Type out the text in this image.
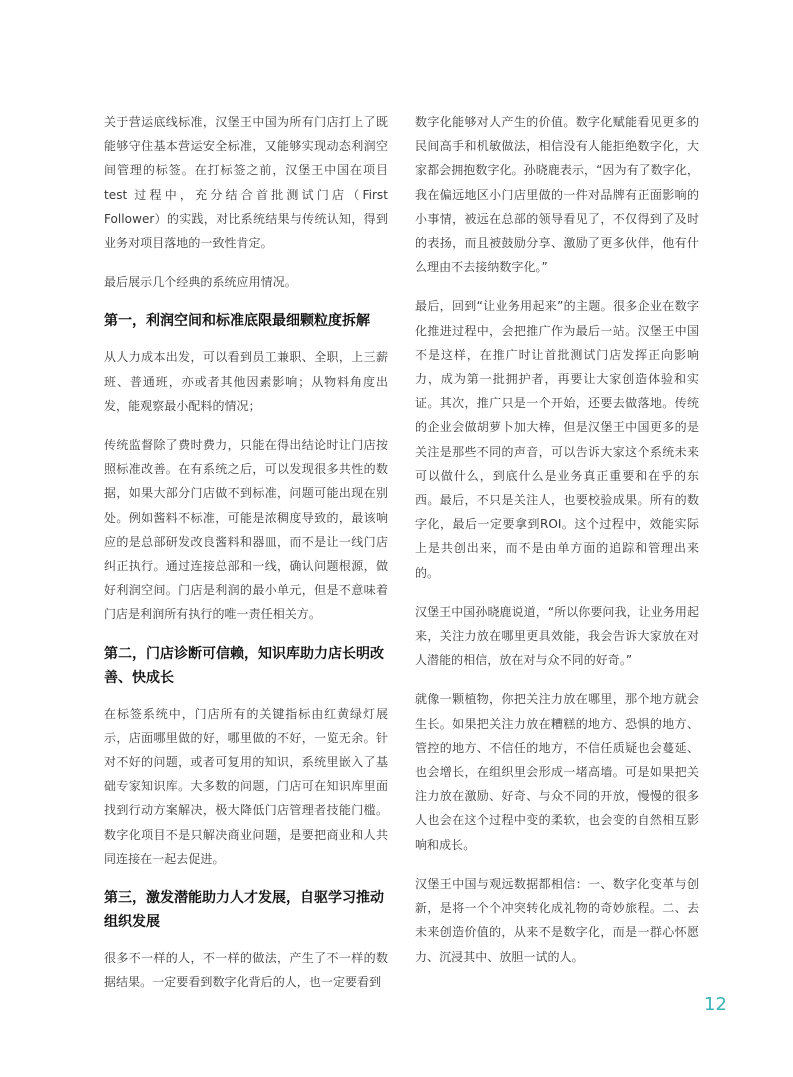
关于营运底线标准，汉堡王中国为所有门店打上了既能够守住基本营运安全标准，又能够实现动态利润空间管理的标签。在打标签之前，汉堡王中国在项目 test 过程中，充分结合首批测试门店（First Follower）的实践，对比系统结果与传统认知，得到业务对项目落地的一致性肯定。

最后展示几个经典的系统应用情况。

第一，利润空间和标准底限最细颗粒度拆解

从人力成本出发，可以看到员工兼职、全职，上三薪班、普通班，亦或者其他因素影响；从物料角度出发，能观察最小配料的情况；

传统监督除了费时费力，只能在得出结论时让门店按照标准改善。在有系统之后，可以发现很多共性的数据，如果大部分门店做不到标准，问题可能出现在别处。例如酱料不标准，可能是浓稠度导致的，最该响应的是总部研发改良酱料和器皿，而不是让一线门店纠正执行。通过连接总部和一线，确认问题根源，做好利润空间。门店是利润的最小单元，但是不意味着门店是利润所有执行的唯一责任相关方。

第二，门店诊断可信赖，知识库助力店长明改善、快成长

在标签系统中，门店所有的关键指标由红黄绿灯展示，店面哪里做的好，哪里做的不好，一览无余。针对不好的问题，或者可复用的知识，系统里嵌入了基础专家知识库。大多数的问题，门店可在知识库里面找到行动方案解决，极大降低门店管理者技能门槛。数字化项目不是只解决商业问题，是要把商业和人共同连接在一起去促进。

第三，激发潜能助力人才发展，自驱学习推动组织发展

很多不一样的人，不一样的做法，产生了不一样的数据结果。一定要看到数字化背后的人，也一定要看到

数字化能够对人产生的价值。数字化赋能看见更多的民间高手和机敏做法，相信没有人能拒绝数字化，大家都会拥抱数字化。孙晓鹿表示，“因为有了数字化，我在偏远地区小门店里做的一件对品牌有正面影响的小事情，被远在总部的领导看见了，不仅得到了及时的表扬，而且被鼓励分享、激励了更多伙伴，他有什么理由不去接纳数字化。”

最后，回到“让业务用起来”的主题。很多企业在数字化推进过程中，会把推广作为最后一站。汉堡王中国不是这样，在推广时让首批测试门店发挥正向影响力，成为第一批拥护者，再要让大家创造体验和实证。其次，推广只是一个开始，还要去做落地。传统的企业会做胡萝卜加大棒，但是汉堡王中国更多的是关注是那些不同的声音，可以告诉大家这个系统未来可以做什么，到底什么是业务真正重要和在乎的东西。最后，不只是关注人，也要校验成果。所有的数字化，最后一定要拿到ROI。这个过程中，效能实际上是共创出来，而不是由单方面的追踪和管理出来的。

汉堡王中国孙晓鹿说道，“所以你要问我，让业务用起来，关注力放在哪里更具效能，我会告诉大家放在对人潜能的相信，放在对与众不同的好奇。”

就像一颗植物，你把关注力放在哪里，那个地方就会生长。如果把关注力放在糟糕的地方、恐惧的地方、管控的地方、不信任的地方，不信任质疑也会蔓延、也会增长，在组织里会形成一堵高墙。可是如果把关注力放在激励、好奇、与众不同的开放，慢慢的很多人也会在这个过程中变的柔软，也会变的自然相互影响和成长。

汉堡王中国与观远数据都相信：一、数字化变革与创新，是将一个个冲突转化成礼物的奇妙旅程。二、去未来创造价值的，从来不是数字化，而是一群心怀愿力、沉浸其中、放胆一试的人。

12
